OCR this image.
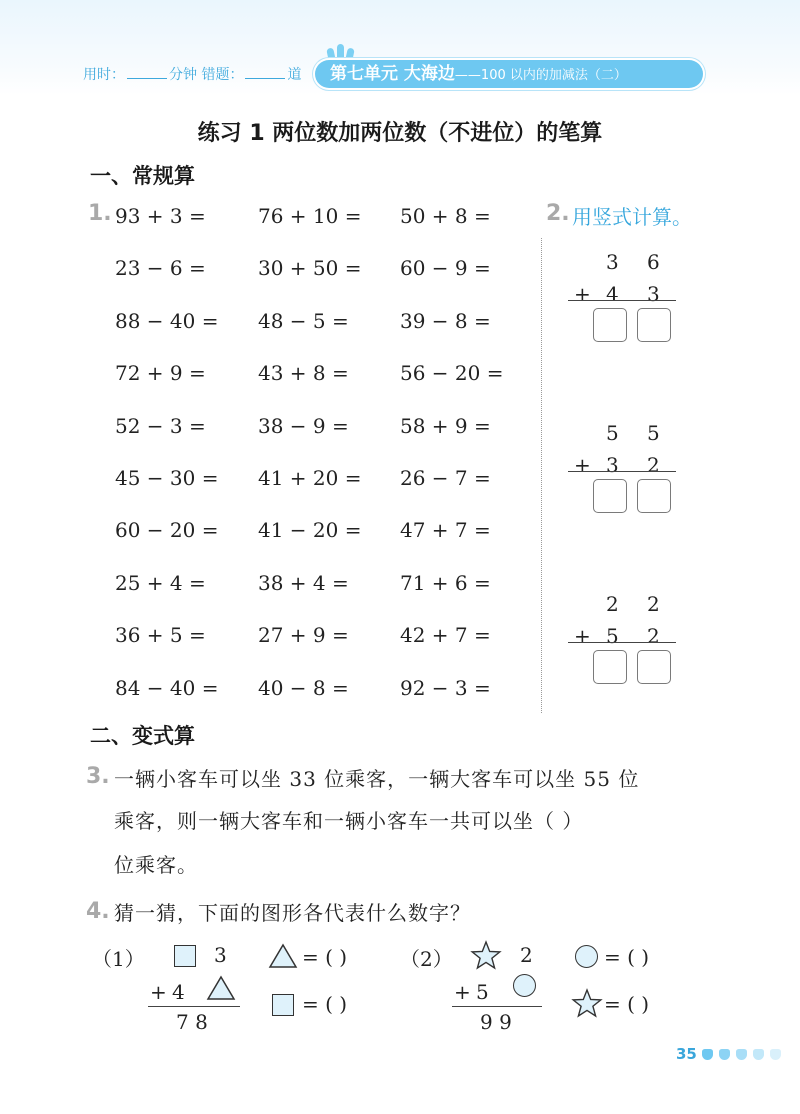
用时：	分钟 错题：	道 第七单元 大海边——100 以内的加减法（二）
练习 1 两位数加两位数（不进位）的笔算
一、常规算
1. 93 + 3 =	76 + 10 = 50 + 8 =
23 − 6 =	30 + 50 = 60 − 9 =
88 − 40 = 48 − 5 =	39 − 8 =
72 + 9 =	43 + 8 =	56 − 20 =
52 − 3 =	38 − 9 =	58 + 9 =
45 − 30 = 41 + 20 = 26 − 7 =
60 − 20 = 41 − 20 = 47 + 7 =
25 + 4 =	38 + 4 =	71 + 6 =
36 + 5 =	27 + 9 =	42 + 7 =
84 − 40 = 40 − 8 =	92 − 3 =
2. 用竖式计算。
3 6
+ 4 3
5 5
+ 3 2
2 2
+ 5 2
二、变式算
3. 一辆小客车可以坐 33 位乘客，一辆大客车可以坐 55 位
乘客，则一辆大客车和一辆小客车一共可以坐（ ）
位乘客。
4. 猜一猜，下面的图形各代表什么数字？
（1）	3
+ 4
7 8
= ( )
= ( )
（2）	2
+ 5
9 9
= ( )
= ( )
35
